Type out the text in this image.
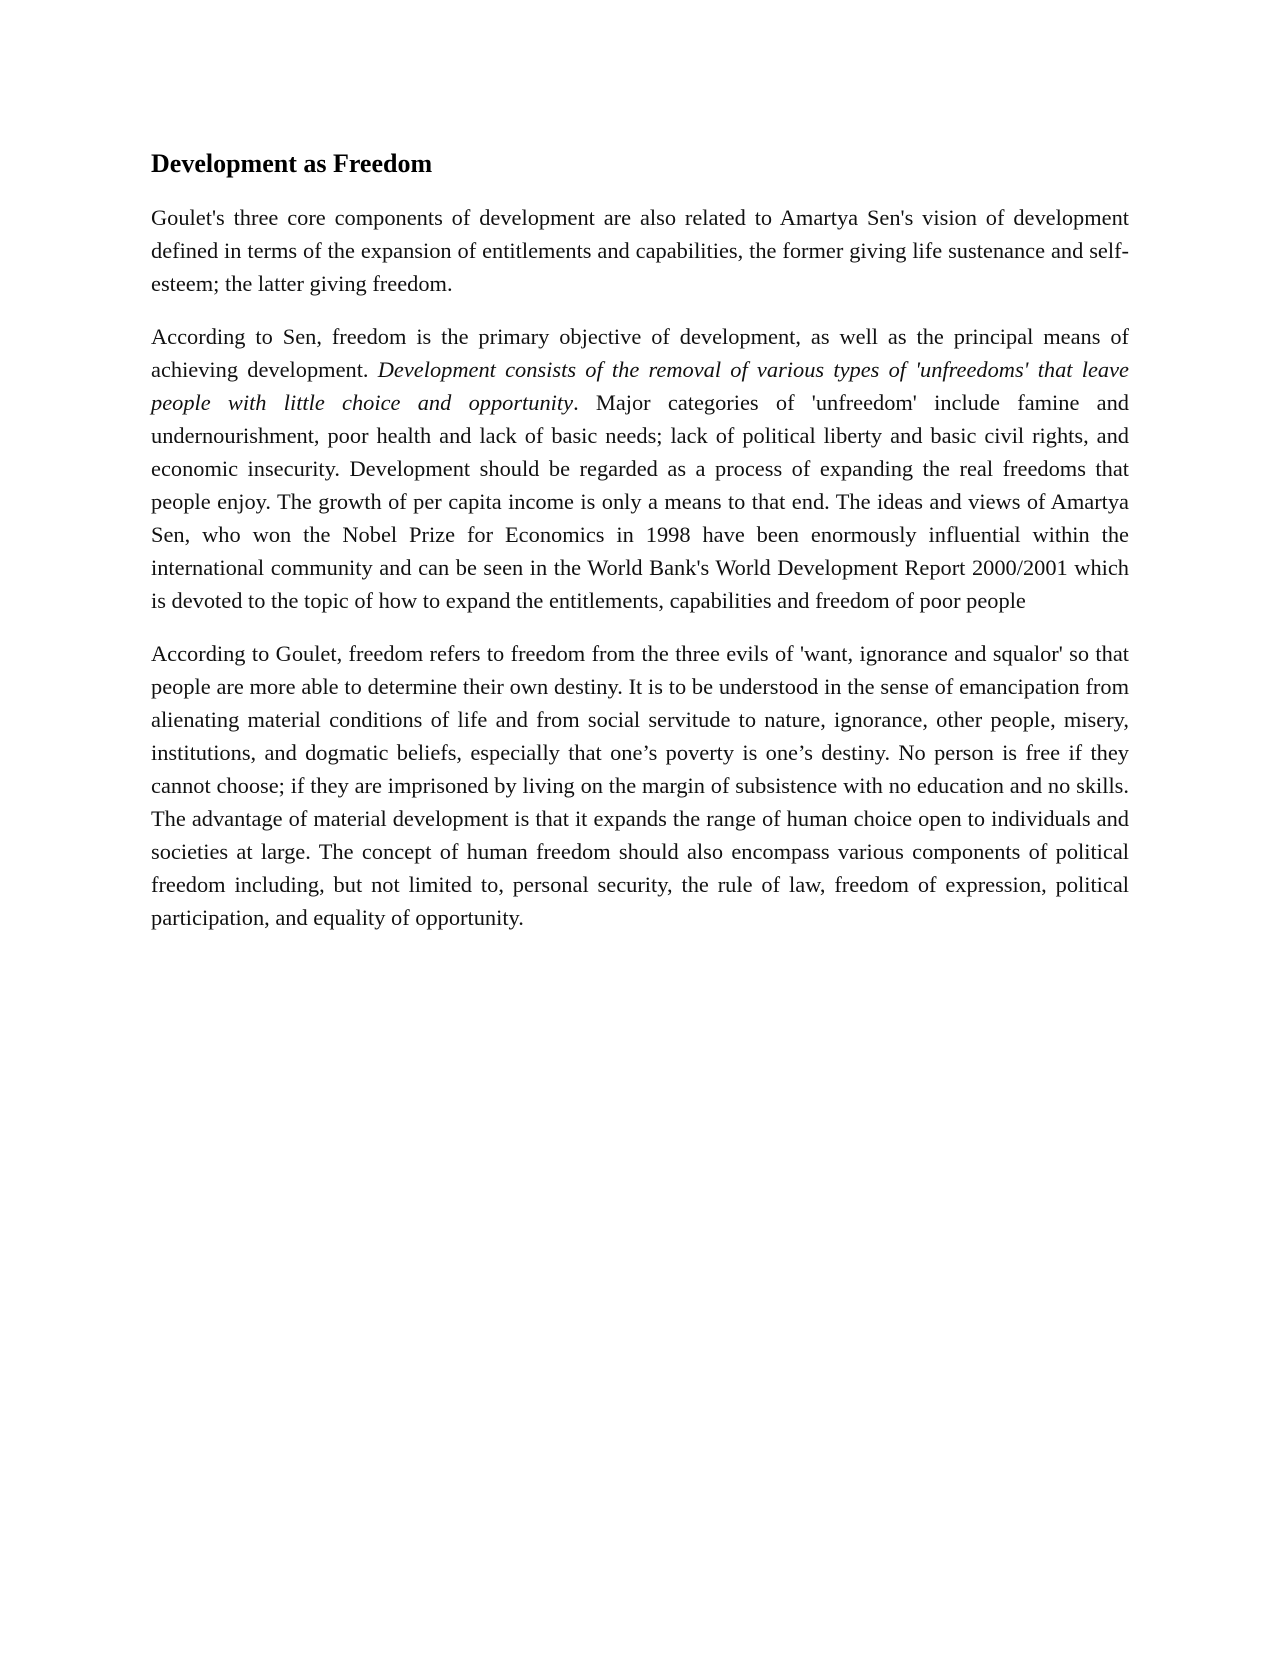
Development as Freedom

Goulet's three core components of development are also related to Amartya Sen's vision of development defined in terms of the expansion of entitlements and capabilities, the former giving life sustenance and self-esteem; the latter giving freedom.

According to Sen, freedom is the primary objective of development, as well as the principal means of achieving development. Development consists of the removal of various types of 'unfreedoms' that leave people with little choice and opportunity. Major categories of 'unfreedom' include famine and undernourishment, poor health and lack of basic needs; lack of political liberty and basic civil rights, and economic insecurity. Development should be regarded as a process of expanding the real freedoms that people enjoy. The growth of per capita income is only a means to that end. The ideas and views of Amartya Sen, who won the Nobel Prize for Economics in 1998 have been enormously influential within the international community and can be seen in the World Bank's World Development Report 2000/2001 which is devoted to the topic of how to expand the entitlements, capabilities and freedom of poor people

According to Goulet, freedom refers to freedom from the three evils of 'want, ignorance and squalor' so that people are more able to determine their own destiny. It is to be understood in the sense of emancipation from alienating material conditions of life and from social servitude to nature, ignorance, other people, misery, institutions, and dogmatic beliefs, especially that one’s poverty is one’s destiny. No person is free if they cannot choose; if they are imprisoned by living on the margin of subsistence with no education and no skills. The advantage of material development is that it expands the range of human choice open to individuals and societies at large. The concept of human freedom should also encompass various components of political freedom including, but not limited to, personal security, the rule of law, freedom of expression, political participation, and equality of opportunity.
